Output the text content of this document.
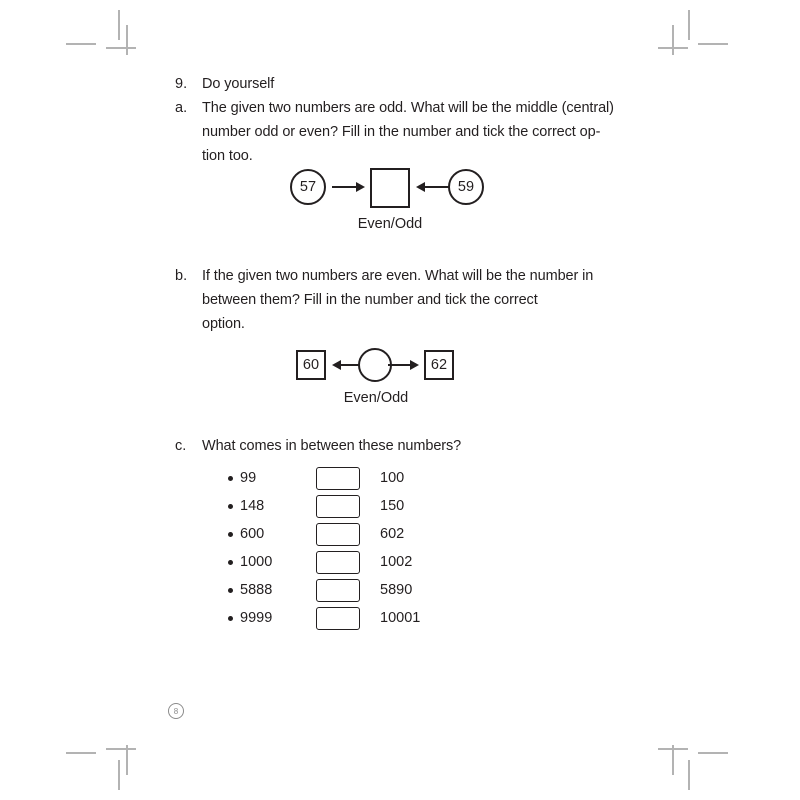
9. Do yourself
a. The given two numbers are odd. What will be the middle (central)
number odd or even? Fill in the number and tick the correct op-
tion too.
57	59
Even/Odd
b. If the given two numbers are even. What will be the number in
between them? Fill in the number and tick the correct
option.
60	62
Even/Odd
c. What comes in between these numbers?
99	100
148	150
600	602
1000	1002
5888	5890
9999	10001
8
